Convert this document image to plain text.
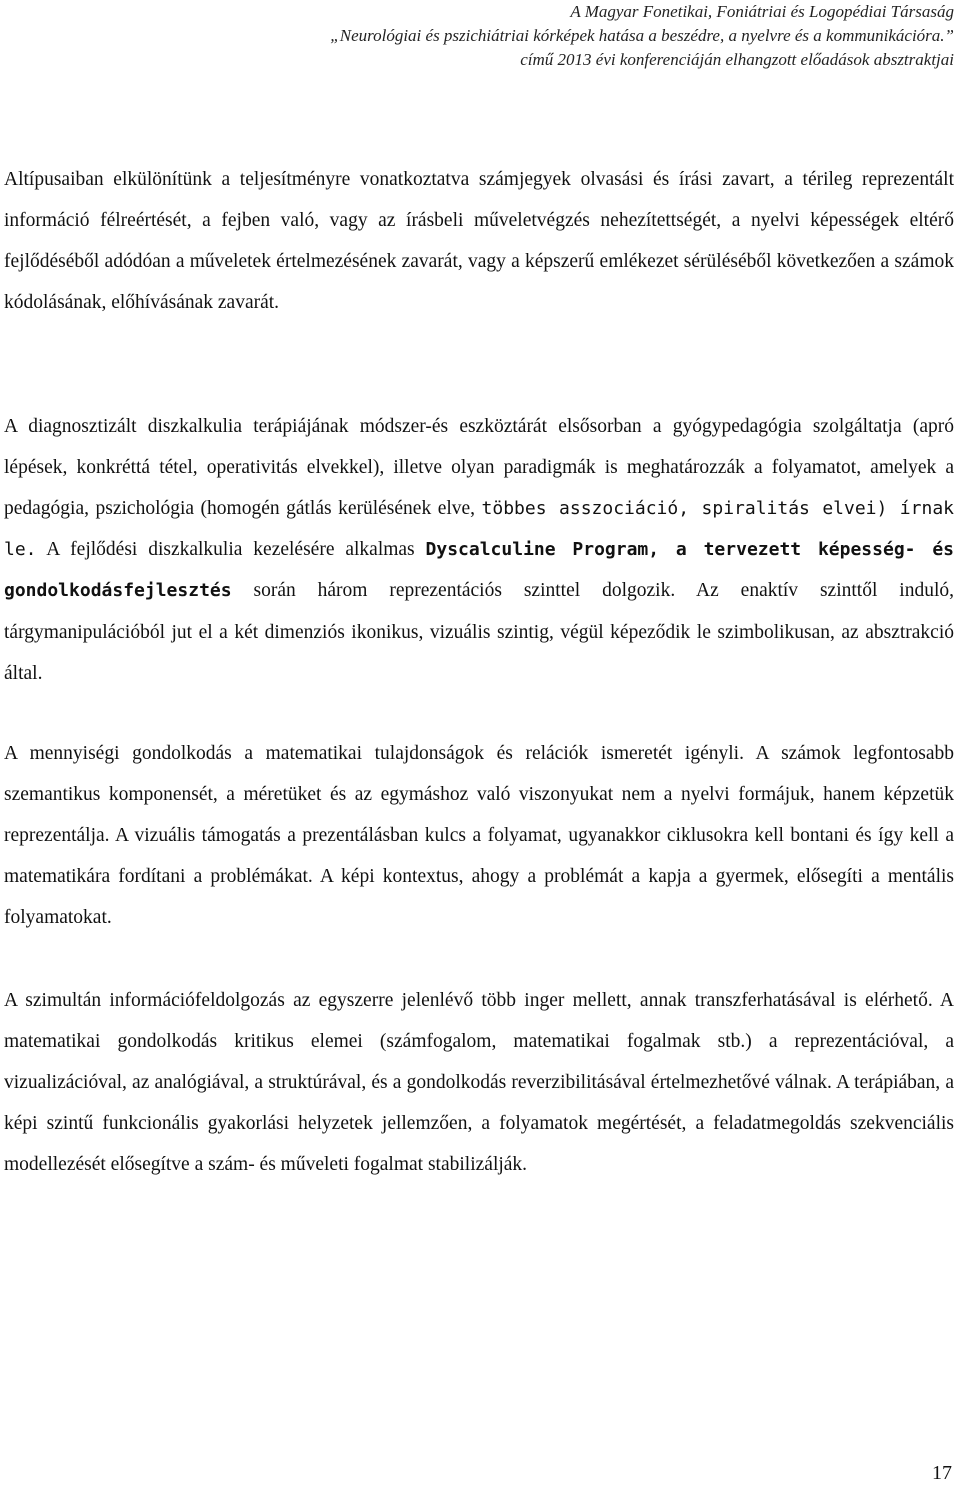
A Magyar Fonetikai, Foniátriai és Logopédiai Társaság
„Neurológiai és pszichiátriai kórképek hatása a beszédre, a nyelvre és a kommunikációra.”
című 2013 évi konferenciáján elhangzott előadások absztraktjai

Altípusaiban elkülönítünk a teljesítményre vonatkoztatva számjegyek olvasási és írási zavart, a térileg reprezentált információ félreértését, a fejben való, vagy az írásbeli műveletvégzés nehezítettségét, a nyelvi képességek eltérő fejlődéséből adódóan a műveletek értelmezésének zavarát, vagy a képszerű emlékezet sérüléséből következően a számok kódolásának, előhívásának zavarát.

A diagnosztizált diszkalkulia terápiájának módszer-és eszköztárát elsősorban a gyógypedagógia szolgáltatja (apró lépések, konkréttá tétel, operativitás elvekkel), illetve olyan paradigmák is meghatározzák a folyamatot, amelyek a pedagógia, pszichológia (homogén gátlás kerülésének elve, többes asszociáció, spiralitás elvei) írnak le. A fejlődési diszkalkulia kezelésére alkalmas Dyscalculine Program, a tervezett képesség- és gondolkodásfejlesztés során három reprezentációs szinttel dolgozik. Az enaktív szinttől induló, tárgymanipulációból jut el a két dimenziós ikonikus, vizuális szintig, végül képeződik le szimbolikusan, az absztrakció által.

A mennyiségi gondolkodás a matematikai tulajdonságok és relációk ismeretét igényli. A számok legfontosabb szemantikus komponensét, a méretüket és az egymáshoz való viszonyukat nem a nyelvi formájuk, hanem képzetük reprezentálja. A vizuális támogatás a prezentálásban kulcs a folyamat, ugyanakkor ciklusokra kell bontani és így kell a matematikára fordítani a problémákat. A képi kontextus, ahogy a problémát a kapja a gyermek, elősegíti a mentális folyamatokat.

A szimultán információfeldolgozás az egyszerre jelenlévő több inger mellett, annak transzferhatásával is elérhető. A matematikai gondolkodás kritikus elemei (számfogalom, matematikai fogalmak stb.) a reprezentációval, a vizualizációval, az analógiával, a struktúrával, és a gondolkodás reverzibilitásával értelmezhetővé válnak. A terápiában, a képi szintű funkcionális gyakorlási helyzetek jellemzően, a folyamatok megértését, a feladatmegoldás szekvenciális modellezését elősegítve a szám- és műveleti fogalmat stabilizálják.

17
